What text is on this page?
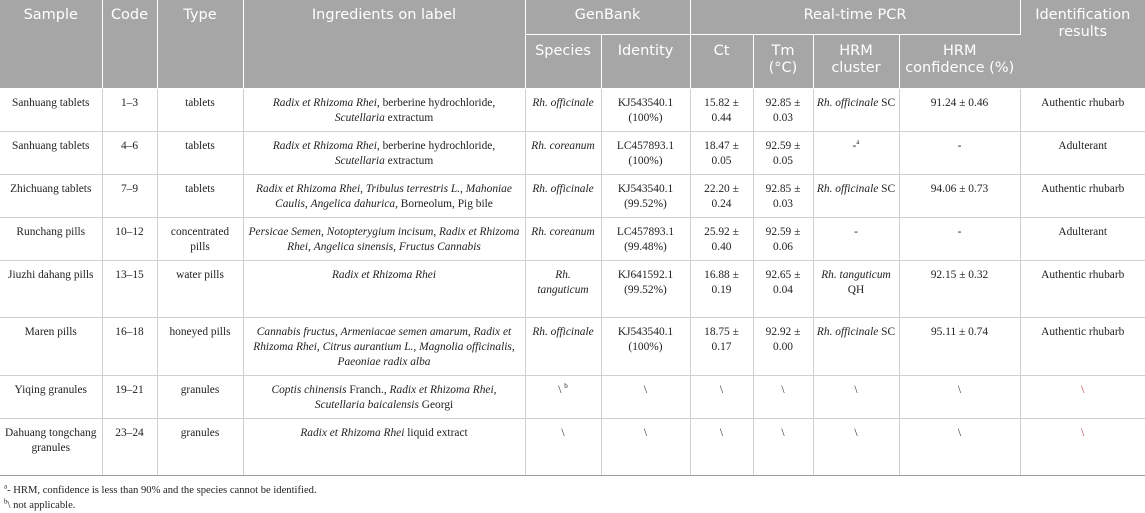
Sample	Code	Type	Ingredients on label	GenBank		Real-time PCR				Identification results
				Species	Identity	Ct	Tm (°C)	HRM cluster	HRM confidence (%)	
Sanhuang tablets	1–3	tablets	Radix et Rhizoma Rhei, berberine hydrochloride, Scutellaria extractum	Rh. officinale	KJ543540.1 (100%)	15.82 ± 0.44	92.85 ± 0.03	Rh. officinale SC	91.24 ± 0.46	Authentic rhubarb
Sanhuang tablets	4–6	tablets	Radix et Rhizoma Rhei, berberine hydrochloride, Scutellaria extractum	Rh. coreanum	LC457893.1 (100%)	18.47 ± 0.05	92.59 ± 0.05	-$^a$	-	Adulterant
Zhichuang tablets	7–9	tablets	Radix et Rhizoma Rhei, Tribulus terrestris L., Mahoniae Caulis, Angelica dahurica, Borneolum, Pig bile	Rh. officinale	KJ543540.1 (99.52%)	22.20 ± 0.24	92.85 ± 0.03	Rh. officinale SC	94.06 ± 0.73	Authentic rhubarb
Runchang pills	10–12	concentrated pills	Persicae Semen, Notopterygium incisum, Radix et Rhizoma Rhei, Angelica sinensis, Fructus Cannabis	Rh. coreanum	LC457893.1 (99.48%)	25.92 ± 0.40	92.59 ± 0.06	-	-	Adulterant
Jiuzhi dahang pills	13–15	water pills	Radix et Rhizoma Rhei	Rh. tanguticum	KJ641592.1 (99.52%)	16.88 ± 0.19	92.65 ± 0.04	Rh. tanguticum QH	92.15 ± 0.32	Authentic rhubarb
Maren pills	16–18	honeyed pills	Cannabis fructus, Armeniacae semen amarum, Radix et Rhizoma Rhei, Citrus aurantium L., Magnolia officinalis, Paeoniae radix alba	Rh. officinale	KJ543540.1 (100%)	18.75 ± 0.17	92.92 ± 0.00	Rh. officinale SC	95.11 ± 0.74	Authentic rhubarb
Yiqing granules	19–21	granules	Coptis chinensis Franch., Radix et Rhizoma Rhei, Scutellaria baicalensis Georgi	\ $^b$	\	\	\	\	\	\
Dahuang tongchang granules	23–24	granules	Radix et Rhizoma Rhei liquid extract	\	\	\	\	\	\	\
$^a$- HRM, confidence is less than 90% and the species cannot be identified.
$^b$\ not applicable.
